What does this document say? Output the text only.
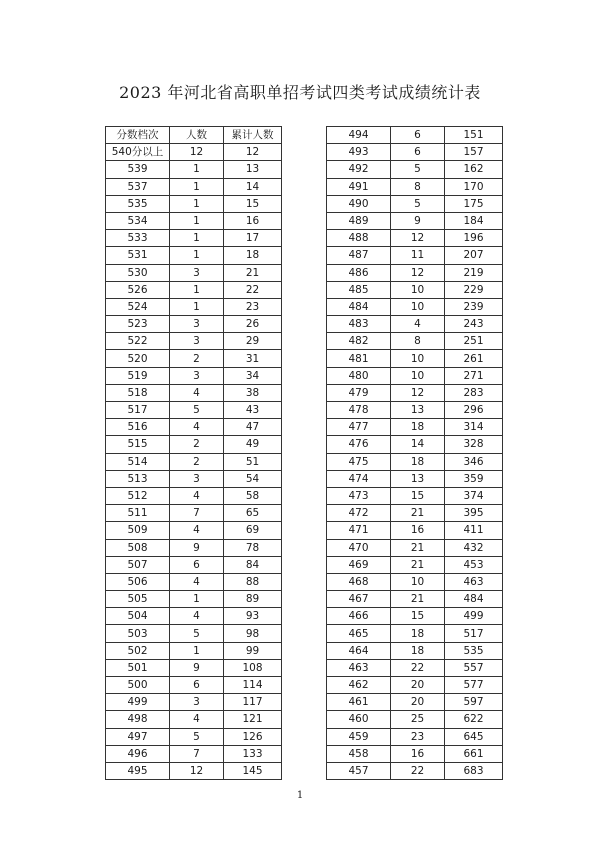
2023 年河北省高职单招考试四类考试成绩统计表
分数档次	人数	累计人数
540分以上	12	12
539	1	13
537	1	14
535	1	15
534	1	16
533	1	17
531	1	18
530	3	21
526	1	22
524	1	23
523	3	26
522	3	29
520	2	31
519	3	34
518	4	38
517	5	43
516	4	47
515	2	49
514	2	51
513	3	54
512	4	58
511	7	65
509	4	69
508	9	78
507	6	84
506	4	88
505	1	89
504	4	93
503	5	98
502	1	99
501	9	108
500	6	114
499	3	117
498	4	121
497	5	126
496	7	133
495	12	145
494	6	151
493	6	157
492	5	162
491	8	170
490	5	175
489	9	184
488	12	196
487	11	207
486	12	219
485	10	229
484	10	239
483	4	243
482	8	251
481	10	261
480	10	271
479	12	283
478	13	296
477	18	314
476	14	328
475	18	346
474	13	359
473	15	374
472	21	395
471	16	411
470	21	432
469	21	453
468	10	463
467	21	484
466	15	499
465	18	517
464	18	535
463	22	557
462	20	577
461	20	597
460	25	622
459	23	645
458	16	661
457	22	683
1
